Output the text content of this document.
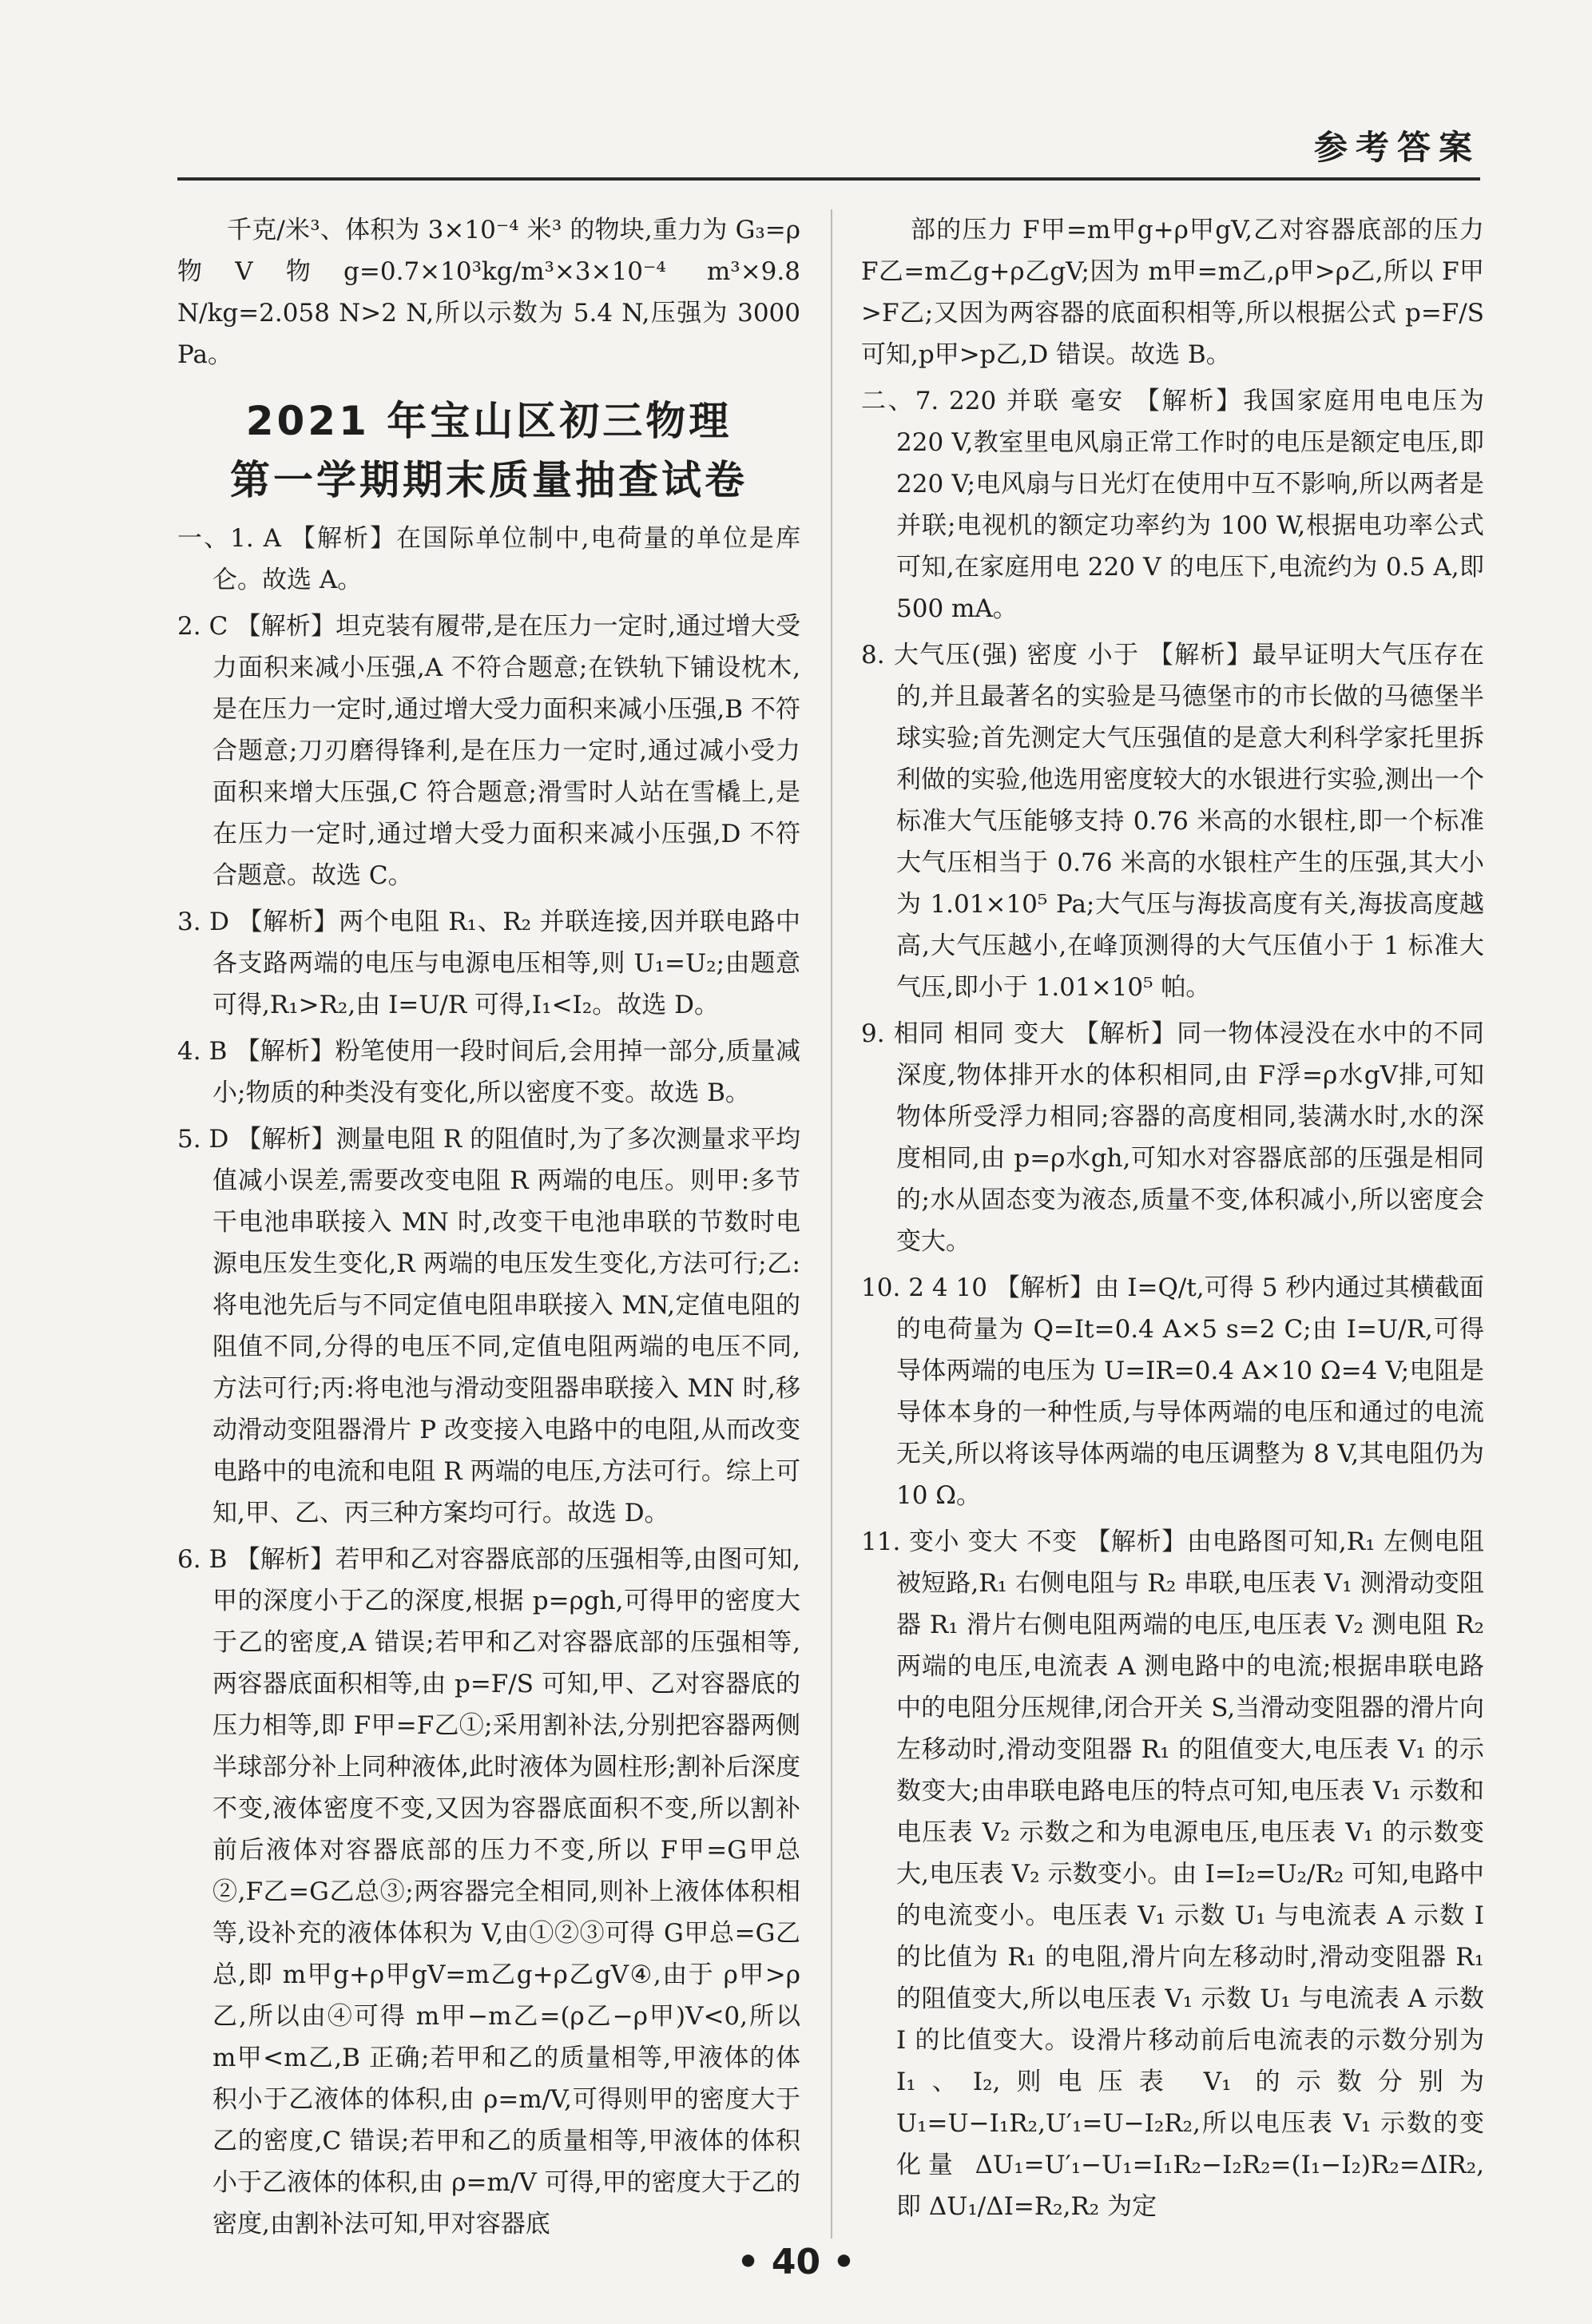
参考答案

千克/米³、体积为 3×10⁻⁴ 米³ 的物块,重力为 G₃=ρ物V物g=0.7×10³kg/m³×3×10⁻⁴ m³×9.8 N/kg=2.058 N>2 N,所以示数为 5.4 N,压强为 3000 Pa。

2021 年宝山区初三物理
第一学期期末质量抽查试卷

一、1. A 【解析】在国际单位制中,电荷量的单位是库仑。故选 A。

2. C 【解析】坦克装有履带,是在压力一定时,通过增大受力面积来减小压强,A 不符合题意;在铁轨下铺设枕木,是在压力一定时,通过增大受力面积来减小压强,B 不符合题意;刀刃磨得锋利,是在压力一定时,通过减小受力面积来增大压强,C 符合题意;滑雪时人站在雪橇上,是在压力一定时,通过增大受力面积来减小压强,D 不符合题意。故选 C。

3. D 【解析】两个电阻 R₁、R₂ 并联连接,因并联电路中各支路两端的电压与电源电压相等,则 U₁=U₂;由题意可得,R₁>R₂,由 I=U/R 可得,I₁<I₂。故选 D。

4. B 【解析】粉笔使用一段时间后,会用掉一部分,质量减小;物质的种类没有变化,所以密度不变。故选 B。

5. D 【解析】测量电阻 R 的阻值时,为了多次测量求平均值减小误差,需要改变电阻 R 两端的电压。则甲:多节干电池串联接入 MN 时,改变干电池串联的节数时电源电压发生变化,R 两端的电压发生变化,方法可行;乙:将电池先后与不同定值电阻串联接入 MN,定值电阻的阻值不同,分得的电压不同,定值电阻两端的电压不同,方法可行;丙:将电池与滑动变阻器串联接入 MN 时,移动滑动变阻器滑片 P 改变接入电路中的电阻,从而改变电路中的电流和电阻 R 两端的电压,方法可行。综上可知,甲、乙、丙三种方案均可行。故选 D。

6. B 【解析】若甲和乙对容器底部的压强相等,由图可知,甲的深度小于乙的深度,根据 p=ρgh,可得甲的密度大于乙的密度,A 错误;若甲和乙对容器底部的压强相等,两容器底面积相等,由 p=F/S 可知,甲、乙对容器底的压力相等,即 F甲=F乙①;采用割补法,分别把容器两侧半球部分补上同种液体,此时液体为圆柱形;割补后深度不变,液体密度不变,又因为容器底面积不变,所以割补前后液体对容器底部的压力不变,所以 F甲=G甲总②,F乙=G乙总③;两容器完全相同,则补上液体体积相等,设补充的液体体积为 V,由①②③可得 G甲总=G乙总,即 m甲g+ρ甲gV=m乙g+ρ乙gV④,由于 ρ甲>ρ乙,所以由④可得 m甲−m乙=(ρ乙−ρ甲)V<0,所以 m甲<m乙,B 正确;若甲和乙的质量相等,甲液体的体积小于乙液体的体积,由 ρ=m/V,可得则甲的密度大于乙的密度,C 错误;若甲和乙的质量相等,甲液体的体积小于乙液体的体积,由 ρ=m/V 可得,甲的密度大于乙的密度,由割补法可知,甲对容器底

部的压力 F甲=m甲g+ρ甲gV,乙对容器底部的压力 F乙=m乙g+ρ乙gV;因为 m甲=m乙,ρ甲>ρ乙,所以 F甲>F乙;又因为两容器的底面积相等,所以根据公式 p=F/S 可知,p甲>p乙,D 错误。故选 B。

二、7. 220 并联 毫安 【解析】我国家庭用电电压为 220 V,教室里电风扇正常工作时的电压是额定电压,即 220 V;电风扇与日光灯在使用中互不影响,所以两者是并联;电视机的额定功率约为 100 W,根据电功率公式可知,在家庭用电 220 V 的电压下,电流约为 0.5 A,即 500 mA。

8. 大气压(强) 密度 小于 【解析】最早证明大气压存在的,并且最著名的实验是马德堡市的市长做的马德堡半球实验;首先测定大气压强值的是意大利科学家托里拆利做的实验,他选用密度较大的水银进行实验,测出一个标准大气压能够支持 0.76 米高的水银柱,即一个标准大气压相当于 0.76 米高的水银柱产生的压强,其大小为 1.01×10⁵ Pa;大气压与海拔高度有关,海拔高度越高,大气压越小,在峰顶测得的大气压值小于 1 标准大气压,即小于 1.01×10⁵ 帕。

9. 相同 相同 变大 【解析】同一物体浸没在水中的不同深度,物体排开水的体积相同,由 F浮=ρ水gV排,可知物体所受浮力相同;容器的高度相同,装满水时,水的深度相同,由 p=ρ水gh,可知水对容器底部的压强是相同的;水从固态变为液态,质量不变,体积减小,所以密度会变大。

10. 2 4 10 【解析】由 I=Q/t,可得 5 秒内通过其横截面的电荷量为 Q=It=0.4 A×5 s=2 C;由 I=U/R,可得导体两端的电压为 U=IR=0.4 A×10 Ω=4 V;电阻是导体本身的一种性质,与导体两端的电压和通过的电流无关,所以将该导体两端的电压调整为 8 V,其电阻仍为 10 Ω。

11. 变小 变大 不变 【解析】由电路图可知,R₁ 左侧电阻被短路,R₁ 右侧电阻与 R₂ 串联,电压表 V₁ 测滑动变阻器 R₁ 滑片右侧电阻两端的电压,电压表 V₂ 测电阻 R₂ 两端的电压,电流表 A 测电路中的电流;根据串联电路中的电阻分压规律,闭合开关 S,当滑动变阻器的滑片向左移动时,滑动变阻器 R₁ 的阻值变大,电压表 V₁ 的示数变大;由串联电路电压的特点可知,电压表 V₁ 示数和电压表 V₂ 示数之和为电源电压,电压表 V₁ 的示数变大,电压表 V₂ 示数变小。由 I=I₂=U₂/R₂ 可知,电路中的电流变小。电压表 V₁ 示数 U₁ 与电流表 A 示数 I 的比值为 R₁ 的电阻,滑片向左移动时,滑动变阻器 R₁ 的阻值变大,所以电压表 V₁ 示数 U₁ 与电流表 A 示数 I 的比值变大。设滑片移动前后电流表的示数分别为 I₁、I₂,则电压表 V₁ 的示数分别为 U₁=U−I₁R₂,U′₁=U−I₂R₂,所以电压表 V₁ 示数的变化量 ΔU₁=U′₁−U₁=I₁R₂−I₂R₂=(I₁−I₂)R₂=ΔIR₂,即 ΔU₁/ΔI=R₂,R₂ 为定

• 40 •
